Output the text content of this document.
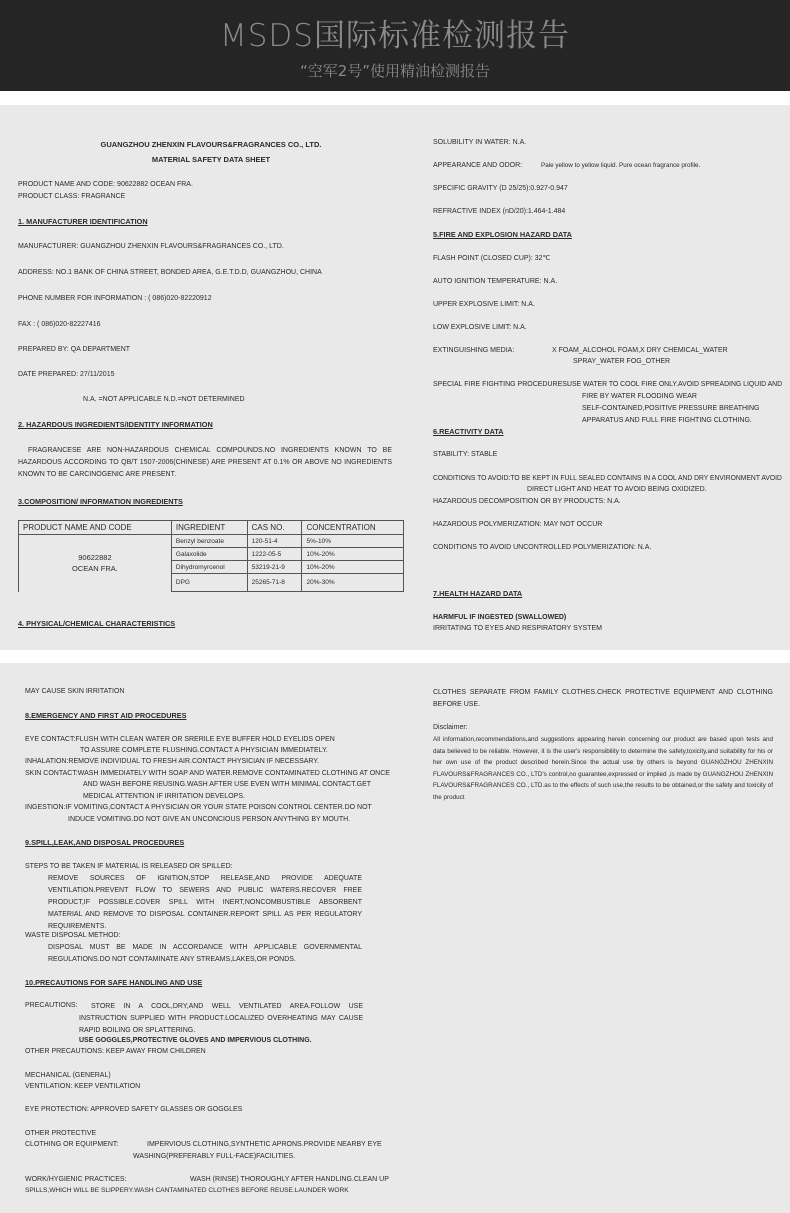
MSDS国际标准检测报告
“空军2号”使用精油检测报告
GUANGZHOU ZHENXIN FLAVOURS&FRAGRANCES CO., LTD.
MATERIAL SAFETY DATA SHEET
PRODUCT NAME AND CODE: 90622882 OCEAN FRA.
PRODUCT CLASS: FRAGRANCE
1. MANUFACTURER IDENTIFICATION
MANUFACTURER: GUANGZHOU ZHENXIN FLAVOURS&FRAGRANCES CO., LTD.
ADDRESS: NO.1 BANK OF CHINA STREET, BONDED AREA, G.E.T.D.D, GUANGZHOU, CHINA
PHONE NUMBER FOR INFORMATION : ( 086)020-82220912
FAX : ( 086)020-82227416
PREPARED BY: QA DEPARTMENT
DATE PREPARED: 27/11/2015
N.A. =NOT APPLICABLE N.D.=NOT DETERMINED
2. HAZARDOUS INGREDIENTS/IDENTITY INFORMATION
FRAGRANCESE ARE NON-HAZARDOUS CHEMICAL COMPOUNDS.NO INGREDIENTS KNOWN TO BE HAZARDOUS ACCORDING TO QB/T 1507-2006(CHINESE) ARE PRESENT AT 0.1% OR ABOVE NO INGREDIENTS KNOWN TO BE CARCINOGENIC ARE PRESENT.
3.COMPOSITION/ INFORMATION INGREDIENTS
PRODUCT NAME AND CODE	INGREDIENT	CAS NO.	CONCENTRATION

90622882
OCEAN FRA.	Benzyl benzoate	120-51-4	5%-10%
	Galaxolide	1222-05-5	10%-20%
	Dihydromyrcenol	53219-21-9	10%-20%
	DPG	25265-71-8	20%-30%
4. PHYSICAL/CHEMICAL CHARACTERISTICS
SOLUBILITY IN WATER: N.A.
APPEARANCE AND ODOR:	Pale yellow to yellow liquid. Pure ocean fragrance profile.
SPECIFIC GRAVITY (D 25/25):0.927-0.947
REFRACTIVE INDEX (nD/20):1.464-1.484
5.FIRE AND EXPLOSION HAZARD DATA
FLASH POINT (CLOSED CUP): 32℃
AUTO IGNITION TEMPERATURE: N.A.
UPPER EXPLOSIVE LIMIT: N.A.
LOW EXPLOSIVE LIMIT: N.A.
EXTINGUISHING MEDIA:	X FOAM_ALCOHOL FOAM,X DRY CHEMICAL_WATER
SPRAY_WATER FOG_OTHER
SPECIAL FIRE FIGHTING PROCEDURES:
USE WATER TO COOL FIRE ONLY.AVOID SPREADING LIQUID AND
FIRE BY WATER FLOODING WEAR
SELF-CONTAINED,POSITIVE PRESSURE BREATHING
APPARATUS AND FULL FIRE FIGHTING CLOTHING.
6.REACTIVITY DATA
STABILITY: STABLE
CONDITIONS TO AVOID:TO BE KEPT IN FULL SEALED CONTAINS IN A COOL AND DRY ENVIRONMENT AVOID
DIRECT LIGHT AND HEAT TO AVOID BEING OXIDIZED.
HAZARDOUS DECOMPOSITION OR BY PRODUCTS: N.A.
HAZARDOUS POLYMERIZATION: MAY NOT OCCUR
CONDITIONS TO AVOID UNCONTROLLED POLYMERIZATION: N.A.
7.HEALTH HAZARD DATA
HARMFUL IF INGESTED (SWALLOWED)
IRRITATING TO EYES AND RESPIRATORY SYSTEM
MAY CAUSE SKIN IRRITATION
8.EMERGENCY AND FIRST AID PROCEDURES
EYE CONTACT:FLUSH WITH CLEAN WATER OR SRERILE EYE BUFFER HOLD EYELIDS OPEN
TO ASSURE COMPLETE FLUSHING.CONTACT A PHYSICIAN IMMEDIATELY.
INHALATION:REMOVE INDIVIDUAL TO FRESH AIR.CONTACT PHYSICIAN IF NECESSARY.
SKIN CONTACT:WASH IMMEDIATELY WITH SOAP AND WATER.REMOVE CONTAMINATED CLOTHING AT ONCE
AND WASH BEFORE REUSING.WASH AFTER USE EVEN WITH MINIMAL CONTACT.GET
MEDICAL ATTENTION IF IRRITATION DEVELOPS.
INGESTION:IF VOMITING,CONTACT A PHYSICIAN OR YOUR STATE POISON CONTROL CENTER.DO NOT
INDUCE VOMITING.DO NOT GIVE AN UNCONCIOUS PERSON ANYTHING BY MOUTH.
9.SPILL,LEAK,AND DISPOSAL PROCEDURES
STEPS TO BE TAKEN IF MATERIAL IS RELEASED OR SPILLED:
REMOVE SOURCES OF IGNITION,STOP RELEASE,AND PROVIDE ADEQUATE VENTILATION.PREVENT FLOW TO SEWERS AND PUBLIC WATERS.RECOVER FREE PRODUCT,IF POSSIBLE.COVER SPILL WITH INERT,NONCOMBUSTIBLE ABSORBENT MATERIAL AND REMOVE TO DISPOSAL CONTAINER.REPORT SPILL AS PER REGULATORY REQUIREMENTS.
WASTE DISPOSAL METHOD:
DISPOSAL MUST BE MADE IN ACCORDANCE WITH APPLICABLE GOVERNMENTAL REGULATIONS.DO NOT CONTAMINATE ANY STREAMS,LAKES,OR PONDS.
10.PRECAUTIONS FOR SAFE HANDLING AND USE
PRECAUTIONS:	STORE IN A COOL,DRY,AND WELL VENTILATED AREA.FOLLOW USE INSTRUCTION SUPPLIED WITH PRODUCT.LOCALIZED OVERHEATING MAY CAUSE RAPID BOILING OR SPLATTERING.
USE GOGGLES,PROTECTIVE GLOVES AND IMPERVIOUS CLOTHING.
OTHER PRECAUTIONS: KEEP AWAY FROM CHILDREN
MECHANICAL (GENERAL)
VENTILATION: KEEP VENTILATION
EYE PROTECTION: APPROVED SAFETY GLASSES OR GOGGLES
OTHER PROTECTIVE
CLOTHING OR EQUIPMENT:	IMPERVIOUS CLOTHING,SYNTHETIC APRONS.PROVIDE NEARBY EYE
WASHING(PREFERABLY FULL-FACE)FACILITIES.
WORK/HYGIENIC PRACTICES:	WASH (RINSE) THOROUGHLY AFTER HANDLING.CLEAN UP
SPILLS,WHICH WILL BE SLIPPERY.WASH CANTAMINATED CLOTHES BEFORE REUSE.LAUNDER WORK
CLOTHES SEPARATE FROM FAMILY CLOTHES.CHECK PROTECTIVE EQUIPMENT AND CLOTHING BEFORE USE.
Disclaimer:
All information,recommendations,and suggestions appearing herein concerning our product are based upon tests and data believed to be reliable. However, it is the user's responsibility to determine the safety,toxicity,and suitability for his or her own use of the product described herein.Since the actual use by others is beyond GUANGZHOU ZHENXIN FLAVOURS&FRAGRANCES CO., LTD's control,no guarantee,expressed or implied ,is made by GUANGZHOU ZHENXIN FLAVOURS&FRAGRANCES CO., LTD.as to the effects of such use,the results to be obtained,or the safety and toxicity of the product
